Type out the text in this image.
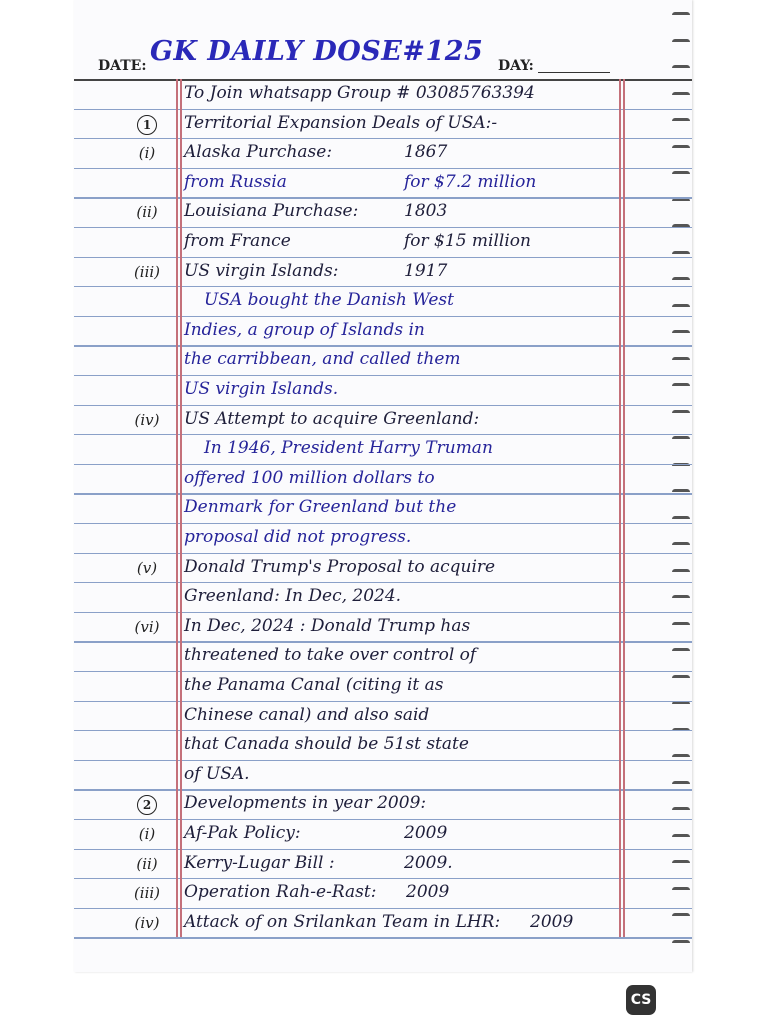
DATE: GK DAILY DOSE#125 DAY:
To Join whatsapp Group # 03085763394
1	Territorial Expansion Deals of USA:-
(i)	Alaska Purchase:	1867
from Russia	for $7.2 million
(ii)	Louisiana Purchase:	1803
from France	for $15 million
(iii)	US virgin Islands:	1917
USA bought the Danish West
Indies, a group of Islands in
the carribbean, and called them
US virgin Islands.
(iv)	US Attempt to acquire Greenland:
In 1946, President Harry Truman
offered 100 million dollars to
Denmark for Greenland but the
proposal did not progress.
(v)	Donald Trump's Proposal to acquire
Greenland: In Dec, 2024.
(vi)	In Dec, 2024 : Donald Trump has
threatened to take over control of
the Panama Canal (citing it as
Chinese canal) and also said
that Canada should be 51st state
of USA.
2	Developments in year 2009:
(i)	Af-Pak Policy:	2009
(ii)	Kerry-Lugar Bill :	2009.
(iii)	Operation Rah-e-Rast: 2009
(iv)	Attack of on Srilankan Team in LHR: 2009
CS
